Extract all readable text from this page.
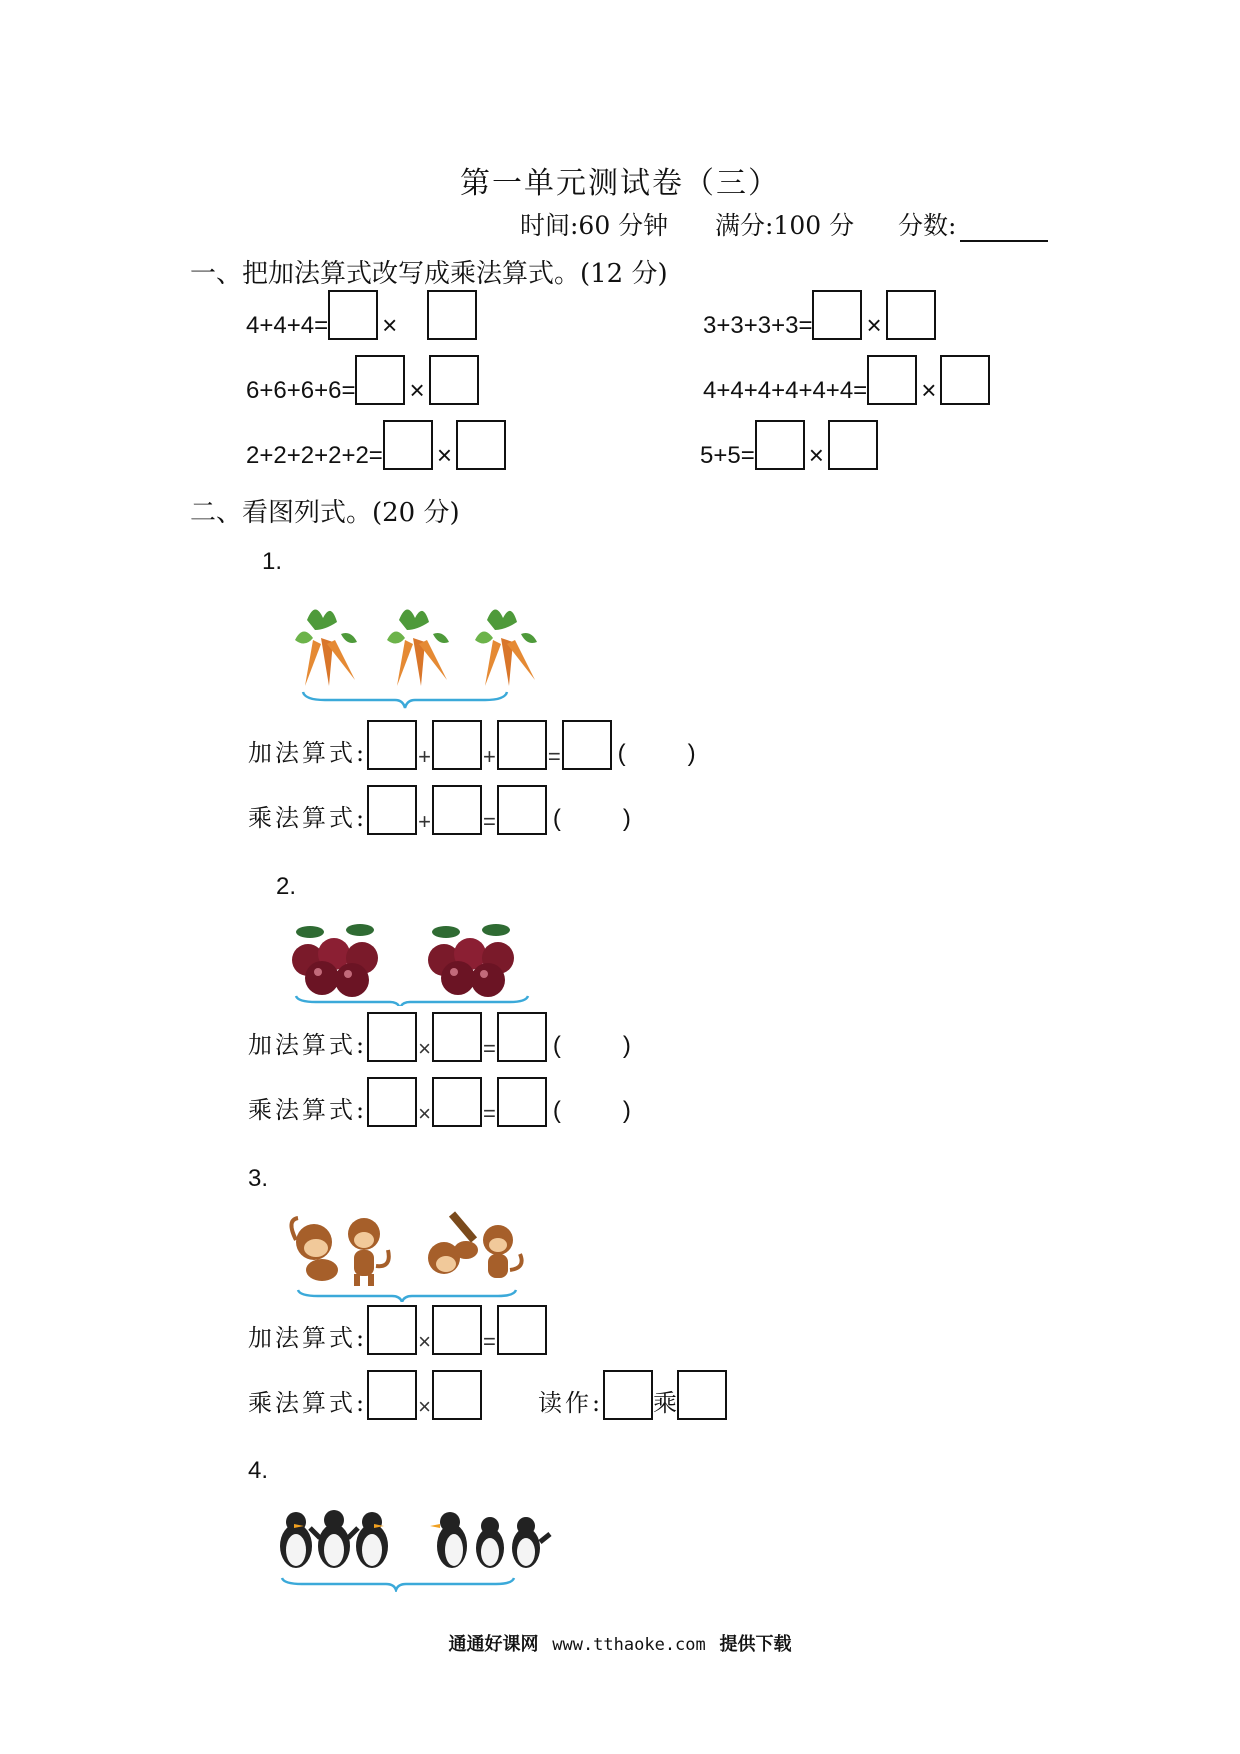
第一单元测试卷（三）
时间:60 分钟 满分:100 分 分数:
一、把加法算式改写成乘法算式。(12 分)
4+4+4= ×	3+3+3+3= ×
6+6+6+6= ×	4+4+4+4+4+4= ×
2+2+2+2+2= ×	5+5= ×
二、看图列式。(20 分)
1.
加法算式: + + = (	)
乘法算式: + = (	)
2.
加法算式: × = (	)
乘法算式: × = (	)
3.
加法算式: × =
乘法算式: ×	读作: 乘
4.
通通好课网 www.tthaoke.com 提供下载
